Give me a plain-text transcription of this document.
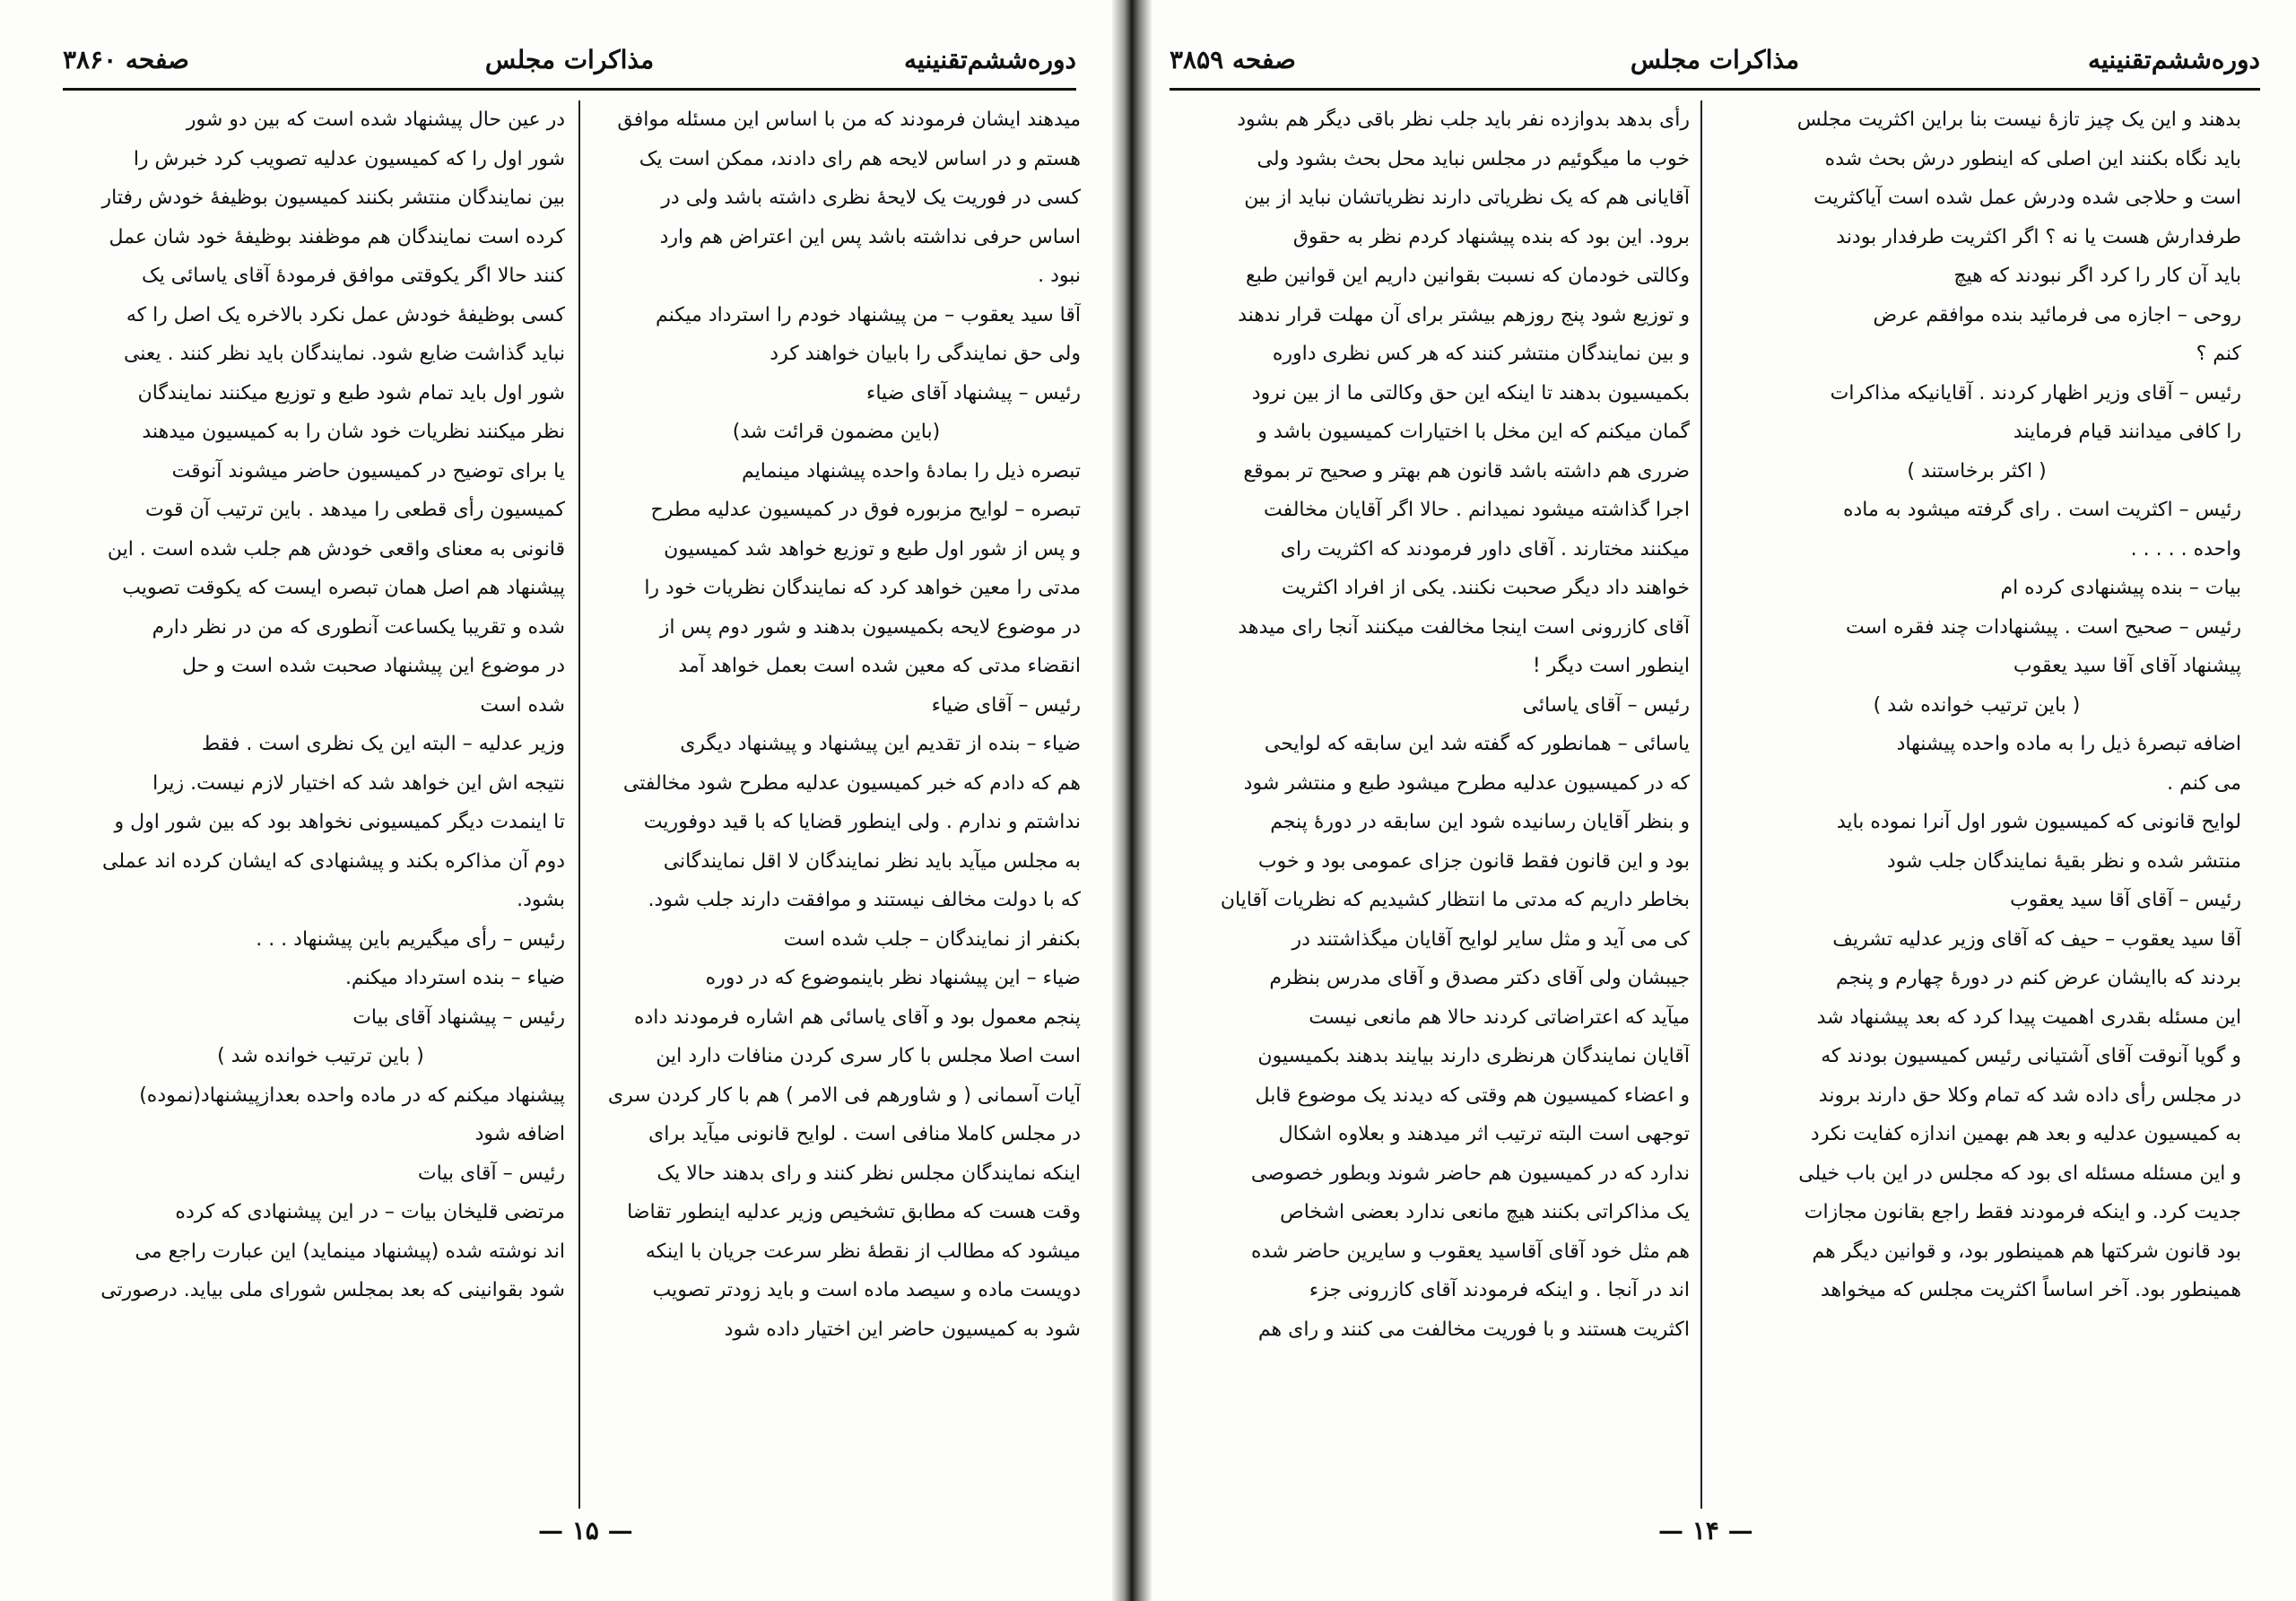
دوره‌ششم‌تقنینیه
مذاکرات مجلس
صفحه ۳۸۶۰

میدهند ایشان فرمودند که من با اساس این مسئله موافق

هستم و در اساس لایحه هم رای دادند، ممکن است یک

کسی در فوریت یک لایحهٔ نظری داشته باشد ولی در

اساس حرفی نداشته باشد پس این اعتراض هم وارد

نبود .

آقا سید یعقوب – من پیشنهاد خودم را استرداد میکنم

ولی حق نمایندگی را بابیان خواهند کرد

رئیس – پیشنهاد آقای ضیاء

(باین مضمون قرائت شد)

تبصره ذیل را بمادهٔ واحده پیشنهاد مینمایم

تبصره – لوایح مزبوره فوق در کمیسیون عدلیه مطرح

و پس از شور اول طبع و توزیع خواهد شد کمیسیون

مدتی را معین خواهد کرد که نمایندگان نظریات خود را

در موضوع لایحه بکمیسیون بدهند و شور دوم پس از

انقضاء مدتی که معین شده است بعمل خواهد آمد

رئیس – آقای ضیاء

ضیاء – بنده از تقدیم این پیشنهاد و پیشنهاد دیگری

هم که دادم که خبر کمیسیون عدلیه مطرح شود مخالفتی

نداشتم و ندارم . ولی اینطور قضایا که با قید دوفوریت

به مجلس میآید باید نظر نمایندگان لا اقل نمایندگانی

که با دولت مخالف نیستند و موافقت دارند جلب شود.

بکنفر از نمایندگان – جلب شده است

ضیاء – این پیشنهاد نظر باینموضوع که در دوره

پنجم معمول بود و آقای یاسائی هم اشاره فرمودند داده

است اصلا مجلس با کار سری کردن منافات دارد این

آیات آسمانی ( و شاورهم فی الامر ) هم با کار کردن سری

در مجلس کاملا منافی است . لوایح قانونی میآید برای

اینکه نمایندگان مجلس نظر کنند و رای بدهند حالا یک

وقت هست که مطابق تشخیص وزیر عدلیه اینطور تقاضا

میشود که مطالب از نقطهٔ نظر سرعت جریان با اینکه

دویست ماده و سیصد ماده است و باید زودتر تصویب

شود به کمیسیون حاضر این اختیار داده شود

در عین حال پیشنهاد شده است که بین دو شور

شور اول را که کمیسیون عدلیه تصویب کرد خبرش را

بین نمایندگان منتشر بکنند کمیسیون بوظیفهٔ خودش رفتار

کرده است نمایندگان هم موظفند بوظیفهٔ خود شان عمل

کنند حالا اگر یکوقتی موافق فرمودهٔ آقای یاسائی یک

کسی بوظیفهٔ خودش عمل نکرد بالاخره یک اصل را که

نباید گذاشت ضایع شود. نمایندگان باید نظر کنند . یعنی

شور اول باید تمام شود طبع و توزیع میکنند نمایندگان

نظر میکنند نظریات خود شان را به کمیسیون میدهند

یا برای توضیح در کمیسیون حاضر میشوند آنوقت

کمیسیون رأی قطعی را میدهد . باین ترتیب آن قوت

قانونی به معنای واقعی خودش هم جلب شده است . این

پیشنهاد هم اصل همان تبصره ایست که یکوقت تصویب

شده و تقریبا یکساعت آنطوری که من در نظر دارم

در موضوع این پیشنهاد صحبت شده است و حل

شده است

وزیر عدلیه – البته این یک نظری است . فقط

نتیجه اش این خواهد شد که اختیار لازم نیست. زیرا

تا اینمدت دیگر کمیسیونی نخواهد بود که بین شور اول و

دوم آن مذاکره بکند و پیشنهادی که ایشان کرده اند عملی

بشود.

رئیس – رأی میگیریم باین پیشنهاد . . .

ضیاء – بنده استرداد میکنم.

رئیس – پیشنهاد آقای بیات

( باین ترتیب خوانده شد )

پیشنهاد میکنم که در ماده واحده بعدازپیشنهاد(نموده)

اضافه شود

رئیس – آقای بیات

مرتضی قلیخان بیات – در این پیشنهادی که کرده

اند نوشته شده (پیشنهاد مینماید) این عبارت راجع می

شود بقوانینی که بعد بمجلس شورای ملی بیاید. درصورتی

— ۱۵ —
دوره‌ششم‌تقنینیه
مذاکرات مجلس
صفحه ۳۸۵۹

بدهند و این یک چیز تازهٔ نیست بنا براین اکثریت مجلس

باید نگاه بکنند این اصلی که اینطور درش بحث شده

است و حلاجی شده ودرش عمل شده است آیاکثریت

طرفدارش هست یا نه ؟ اگر اکثریت طرفدار بودند

باید آن کار را کرد اگر نبودند که هیچ

روحی – اجازه می فرمائید بنده موافقم عرض

کنم ؟

رئیس – آقای وزیر اظهار کردند . آقایانیکه مذاکرات

را کافی میدانند قیام فرمایند

( اکثر برخاستند )

رئیس – اکثریت است . رای گرفته میشود به ماده

واحده . . . . .

بیات – بنده پیشنهادی کرده ام

رئیس – صحیح است . پیشنهادات چند فقره است

پیشنهاد آقای آقا سید یعقوب

( باین ترتیب خوانده شد )

اضافه تبصرهٔ ذیل را به ماده واحده پیشنهاد

می کنم .

لوایح قانونی که کمیسیون شور اول آنرا نموده باید

منتشر شده و نظر بقیهٔ نمایندگان جلب شود

رئیس – آقای آقا سید یعقوب

آقا سید یعقوب – حیف که آقای وزیر عدلیه تشریف

بردند که باایشان عرض کنم در دورهٔ چهارم و پنجم

این مسئله بقدری اهمیت پیدا کرد که بعد پیشنهاد شد

و گویا آنوقت آقای آشتیانی رئیس کمیسیون بودند که

در مجلس رأی داده شد که تمام وکلا حق دارند بروند

به کمیسیون عدلیه و بعد هم بهمین اندازه کفایت نکرد

و این مسئله مسئله ای بود که مجلس در این باب خیلی

جدیت کرد. و اینکه فرمودند فقط راجع بقانون مجازات

بود قانون شرکتها هم همینطور بود، و قوانین دیگر هم

همینطور بود. آخر اساساً اکثریت مجلس که میخواهد

رأی بدهد بدوازده نفر باید جلب نظر باقی دیگر هم بشود

خوب ما میگوئیم در مجلس نباید محل بحث بشود ولی

آقایانی هم که یک نظریاتی دارند نظریاتشان نباید از بین

برود. این بود که بنده پیشنهاد کردم نظر به حقوق

وکالتی خودمان که نسبت بقوانین داریم این قوانین طبع

و توزیع شود پنج روزهم بیشتر برای آن مهلت قرار ندهند

و بین نمایندگان منتشر کنند که هر کس نظری داوره

بکمیسیون بدهند تا اینکه این حق وکالتی ما از بین نرود

گمان میکنم که این مخل با اختیارات کمیسیون باشد و

ضرری هم داشته باشد قانون هم بهتر و صحیح تر بموقع

اجرا گذاشته میشود نمیدانم . حالا اگر آقایان مخالفت

میکنند مختارند . آقای داور فرمودند که اکثریت رای

خواهند داد دیگر صحبت نکنند. یکی از افراد اکثریت

آقای کازرونی است اینجا مخالفت میکنند آنجا رای میدهد

اینطور است دیگر !

رئیس – آقای یاسائی

یاسائی – همانطور که گفته شد این سابقه که لوایحی

که در کمیسیون عدلیه مطرح میشود طبع و منتشر شود

و بنظر آقایان رسانیده شود این سابقه در دورهٔ پنجم

بود و این قانون فقط قانون جزای عمومی بود و خوب

بخاطر داریم که مدتی ما انتظار کشیدیم که نظریات آقایان

کی می آید و مثل سایر لوایح آقایان میگذاشتند در

جیبشان ولی آقای دکتر مصدق و آقای مدرس بنظرم

میآید که اعتراضاتی کردند حالا هم مانعی نیست

آقایان نمایندگان هرنظری دارند بیایند بدهند بکمیسیون

و اعضاء کمیسیون هم وقتی که دیدند یک موضوع قابل

توجهی است البته ترتیب اثر میدهند و بعلاوه اشکال

ندارد که در کمیسیون هم حاضر شوند وبطور خصوصی

یک مذاکراتی بکنند هیچ مانعی ندارد بعضی اشخاص

هم مثل خود آقای آقاسید یعقوب و سایرین حاضر شده

اند در آنجا . و اینکه فرمودند آقای کازرونی جزء

اکثریت هستند و با فوریت مخالفت می کنند و رای هم

— ۱۴ —
